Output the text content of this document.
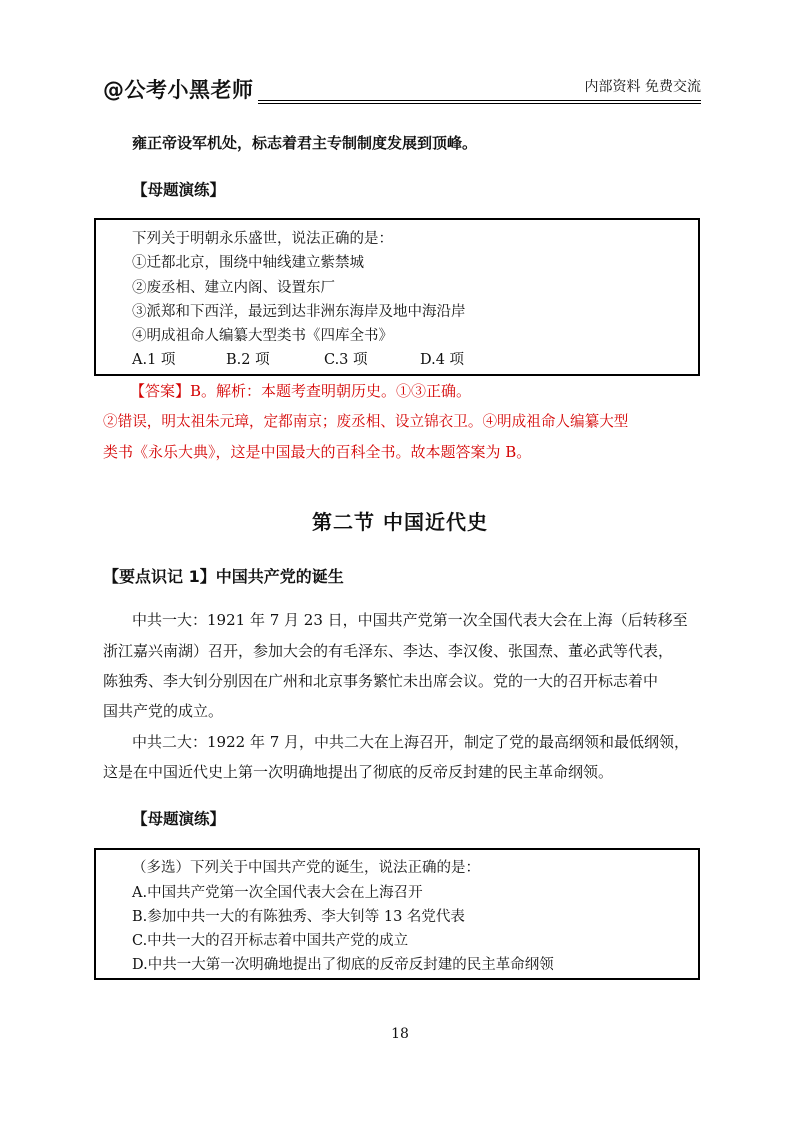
@公考小黑老师	内部资料 免费交流
雍正帝设军机处，标志着君主专制制度发展到顶峰。
【母题演练】
下列关于明朝永乐盛世，说法正确的是：
①迁都北京，围绕中轴线建立紫禁城
②废丞相、建立内阁、设置东厂
③派郑和下西洋，最远到达非洲东海岸及地中海沿岸
④明成祖命人编纂大型类书《四库全书》
A.1 项	B.2 项	C.3 项	D.4 项
【答案】B。解析：本题考查明朝历史。①③正确。
②错误，明太祖朱元璋，定都南京；废丞相、设立锦衣卫。④明成祖命人编纂大型
类书《永乐大典》，这是中国最大的百科全书。故本题答案为 B。
第二节 中国近代史
【要点识记 1】中国共产党的诞生
中共一大：1921 年 7 月 23 日，中国共产党第一次全国代表大会在上海（后转移至
浙江嘉兴南湖）召开，参加大会的有毛泽东、李达、李汉俊、张国焘、董必武等代表，
陈独秀、李大钊分别因在广州和北京事务繁忙未出席会议。党的一大的召开标志着中
国共产党的成立。
中共二大：1922 年 7 月，中共二大在上海召开，制定了党的最高纲领和最低纲领，
这是在中国近代史上第一次明确地提出了彻底的反帝反封建的民主革命纲领。
【母题演练】
（多选）下列关于中国共产党的诞生，说法正确的是：
A.中国共产党第一次全国代表大会在上海召开
B.参加中共一大的有陈独秀、李大钊等 13 名党代表
C.中共一大的召开标志着中国共产党的成立
D.中共一大第一次明确地提出了彻底的反帝反封建的民主革命纲领
18
